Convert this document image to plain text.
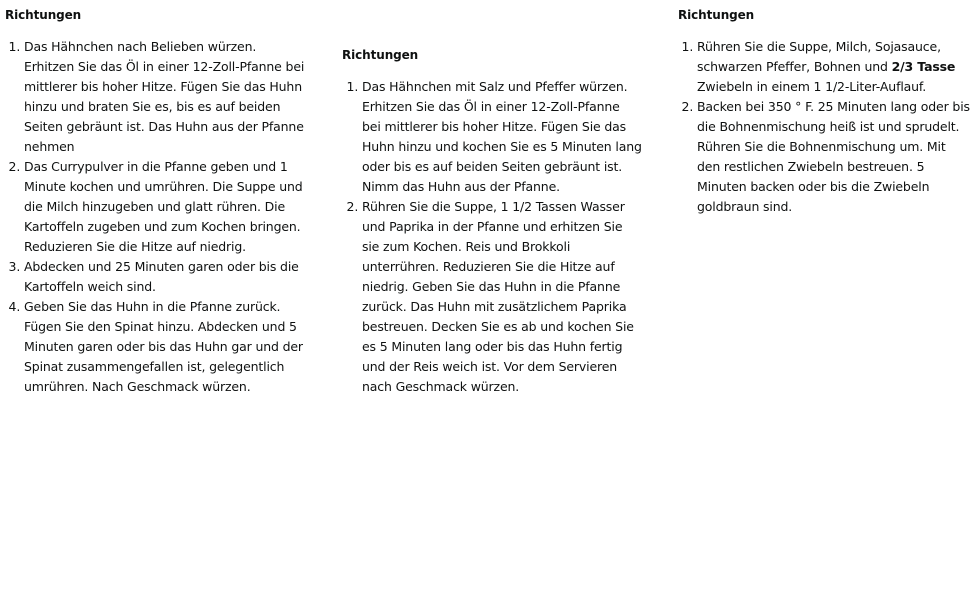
Richtungen
1. Das Hähnchen nach Belieben würzen. Erhitzen Sie das Öl in einer 12-Zoll-Pfanne bei mittlerer bis hoher Hitze. Fügen Sie das Huhn hinzu und braten Sie es, bis es auf beiden Seiten gebräunt ist. Das Huhn aus der Pfanne nehmen
2. Das Currypulver in die Pfanne geben und 1 Minute kochen und umrühren. Die Suppe und die Milch hinzugeben und glatt rühren. Die Kartoffeln zugeben und zum Kochen bringen. Reduzieren Sie die Hitze auf niedrig.
3. Abdecken und 25 Minuten garen oder bis die Kartoffeln weich sind.
4. Geben Sie das Huhn in die Pfanne zurück. Fügen Sie den Spinat hinzu. Abdecken und 5 Minuten garen oder bis das Huhn gar und der Spinat zusammengefallen ist, gelegentlich umrühren. Nach Geschmack würzen.
Richtungen
1. Das Hähnchen mit Salz und Pfeffer würzen. Erhitzen Sie das Öl in einer 12-Zoll-Pfanne bei mittlerer bis hoher Hitze. Fügen Sie das Huhn hinzu und kochen Sie es 5 Minuten lang oder bis es auf beiden Seiten gebräunt ist. Nimm das Huhn aus der Pfanne.
2. Rühren Sie die Suppe, 1 1/2 Tassen Wasser und Paprika in der Pfanne und erhitzen Sie sie zum Kochen. Reis und Brokkoli unterrühren. Reduzieren Sie die Hitze auf niedrig. Geben Sie das Huhn in die Pfanne zurück. Das Huhn mit zusätzlichem Paprika bestreuen. Decken Sie es ab und kochen Sie es 5 Minuten lang oder bis das Huhn fertig und der Reis weich ist. Vor dem Servieren nach Geschmack würzen.
Richtungen
1. Rühren Sie die Suppe, Milch, Sojasauce, schwarzen Pfeffer, Bohnen und 2/3 Tasse Zwiebeln in einem 1 1/2-Liter-Auflauf.
2. Backen bei 350 ° F. 25 Minuten lang oder bis die Bohnenmischung heiß ist und sprudelt. Rühren Sie die Bohnenmischung um. Mit den restlichen Zwiebeln bestreuen. 5 Minuten backen oder bis die Zwiebeln goldbraun sind.
